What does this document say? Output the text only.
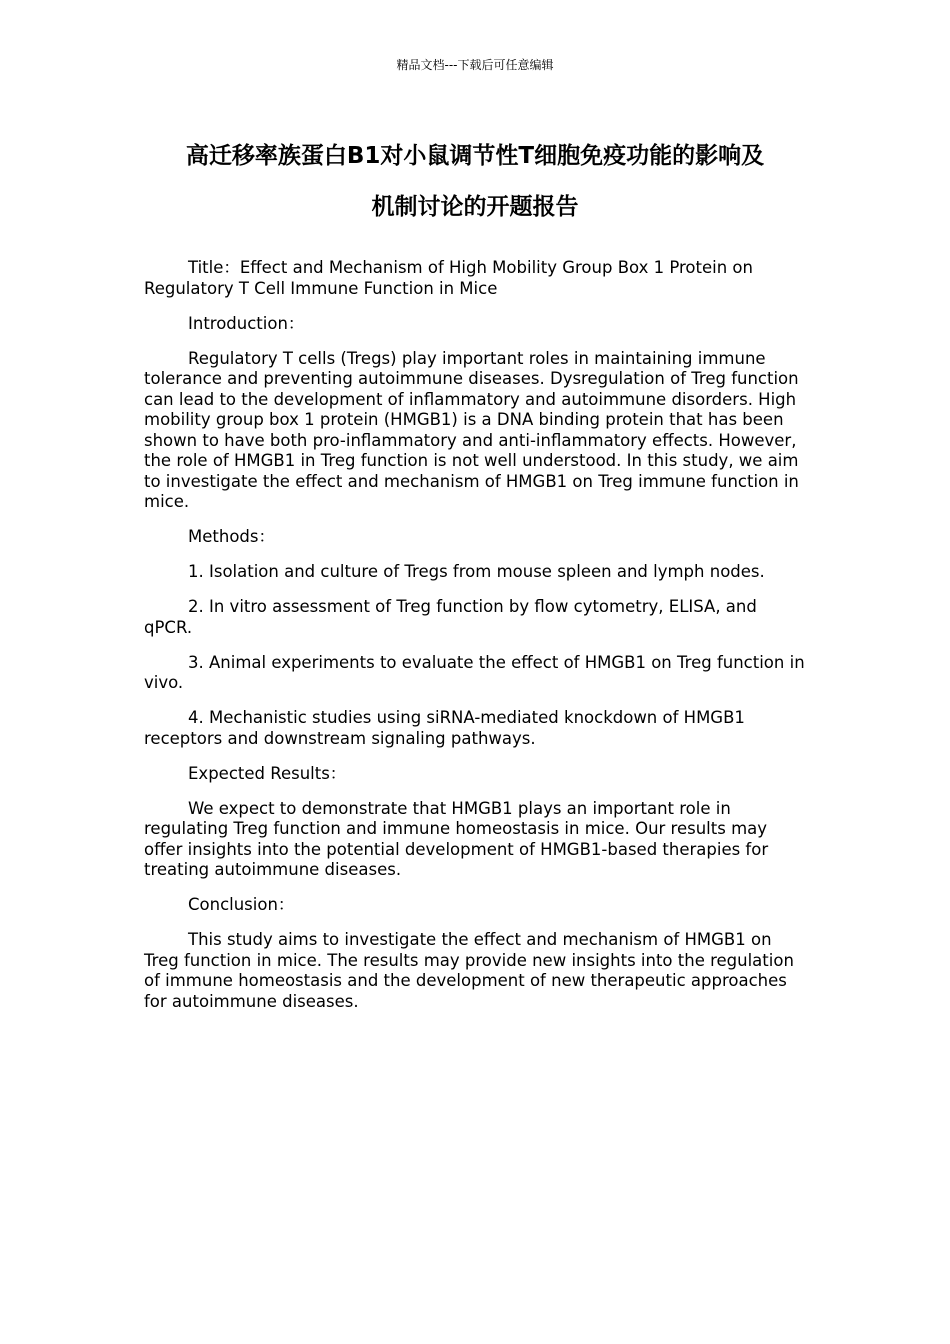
精品文档---下载后可任意编辑
高迁移率族蛋白B1对小鼠调节性T细胞免疫功能的影响及
机制讨论的开题报告

Title：Effect and Mechanism of High Mobility Group Box 1 Protein on Regulatory T Cell Immune Function in Mice

Introduction：

Regulatory T cells (Tregs) play important roles in maintaining immune tolerance and preventing autoimmune diseases. Dysregulation of Treg function can lead to the development of inflammatory and autoimmune disorders. High mobility group box 1 protein (HMGB1) is a DNA binding protein that has been shown to have both pro-inflammatory and anti-inflammatory effects. However, the role of HMGB1 in Treg function is not well understood. In this study, we aim to investigate the effect and mechanism of HMGB1 on Treg immune function in mice.

Methods：

1. Isolation and culture of Tregs from mouse spleen and lymph nodes.

2. In vitro assessment of Treg function by flow cytometry, ELISA, and qPCR.

3. Animal experiments to evaluate the effect of HMGB1 on Treg function in vivo.

4. Mechanistic studies using siRNA-mediated knockdown of HMGB1 receptors and downstream signaling pathways.

Expected Results：

We expect to demonstrate that HMGB1 plays an important role in regulating Treg function and immune homeostasis in mice. Our results may offer insights into the potential development of HMGB1-based therapies for treating autoimmune diseases.

Conclusion：

This study aims to investigate the effect and mechanism of HMGB1 on Treg function in mice. The results may provide new insights into the regulation of immune homeostasis and the development of new therapeutic approaches for autoimmune diseases.
